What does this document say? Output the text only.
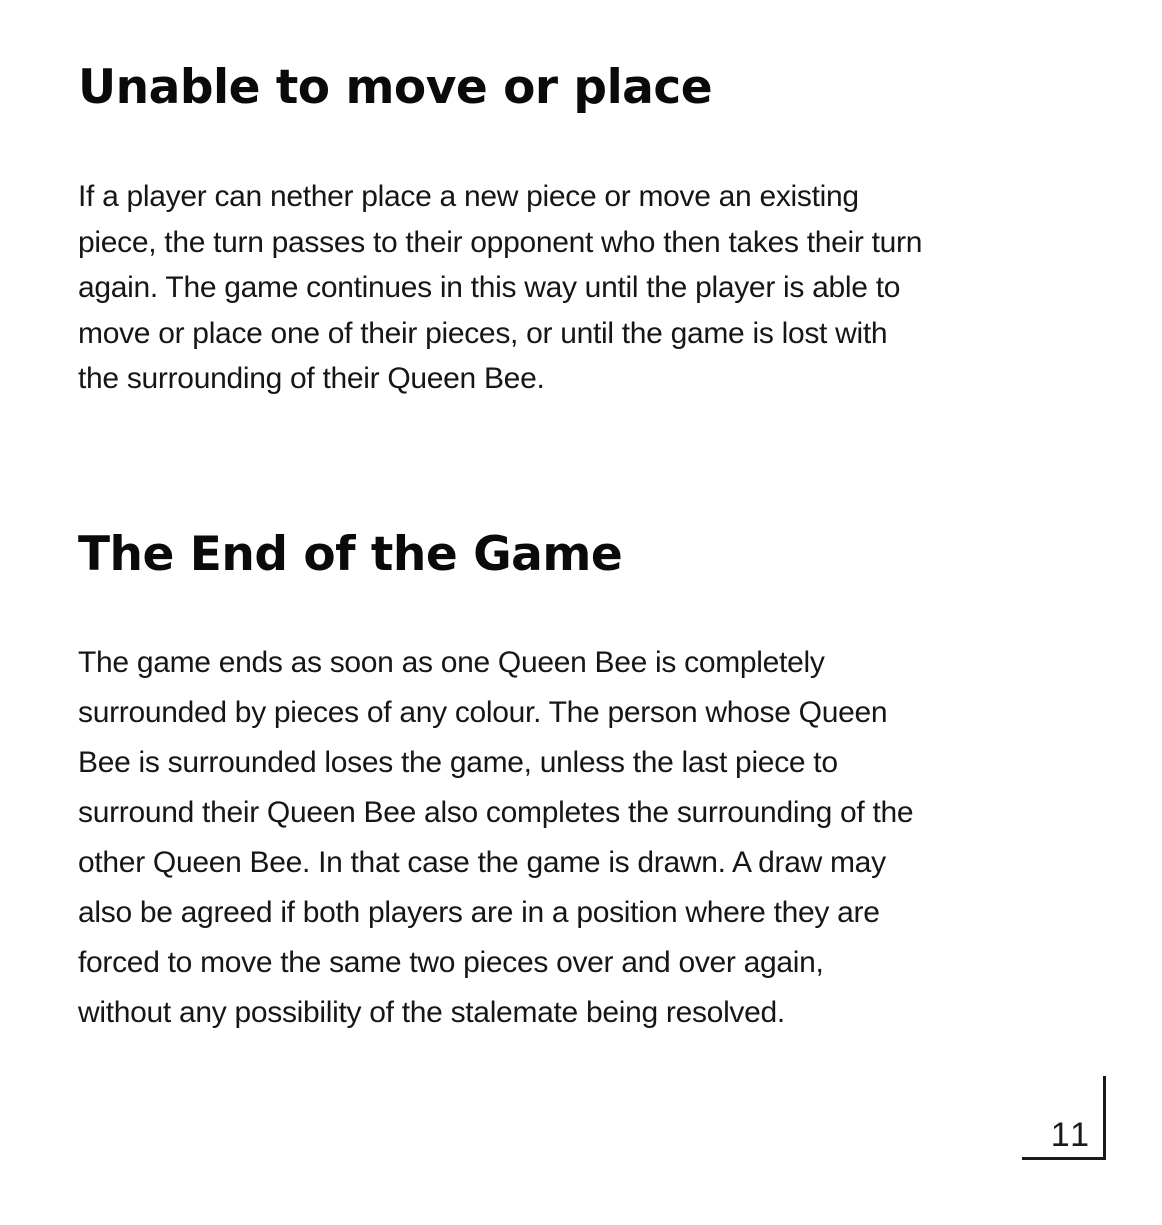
Unable to move or place

If a player can nether place a new piece or move an existing
piece, the turn passes to their opponent who then takes their turn
again. The game continues in this way until the player is able to
move or place one of their pieces, or until the game is lost with
the surrounding of their Queen Bee.

The End of the Game

The game ends as soon as one Queen Bee is completely
surrounded by pieces of any colour. The person whose Queen
Bee is surrounded loses the game, unless the last piece to
surround their Queen Bee also completes the surrounding of the
other Queen Bee. In that case the game is drawn. A draw may
also be agreed if both players are in a position where they are
forced to move the same two pieces over and over again,
without any possibility of the stalemate being resolved.

11
